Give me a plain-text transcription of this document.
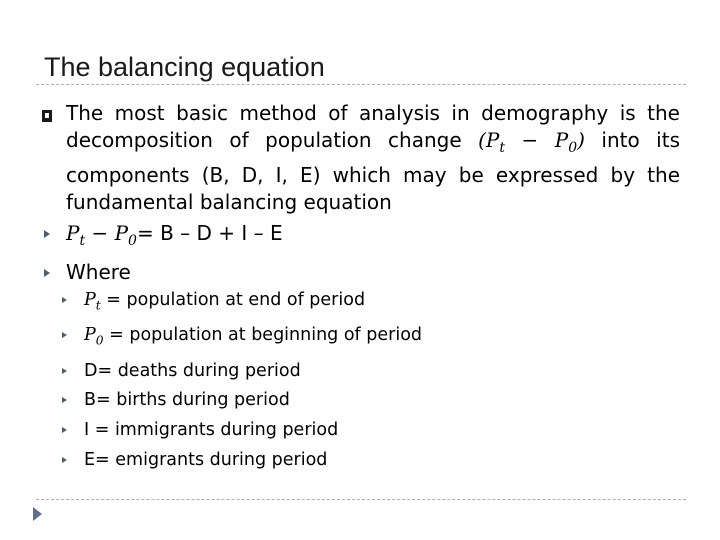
The balancing equation
The most basic method of analysis in demography is the decomposition of population change $(P_t - P_0)$ into its components (B, D, I, E) which may be expressed by the fundamental balancing equation
$P_t - P_0= B - D + I - E$
Where
$P_t$ = population at end of period
$P_0$ = population at beginning of period
D= deaths during period
B= births during period
I = immigrants during period
E= emigrants during period
